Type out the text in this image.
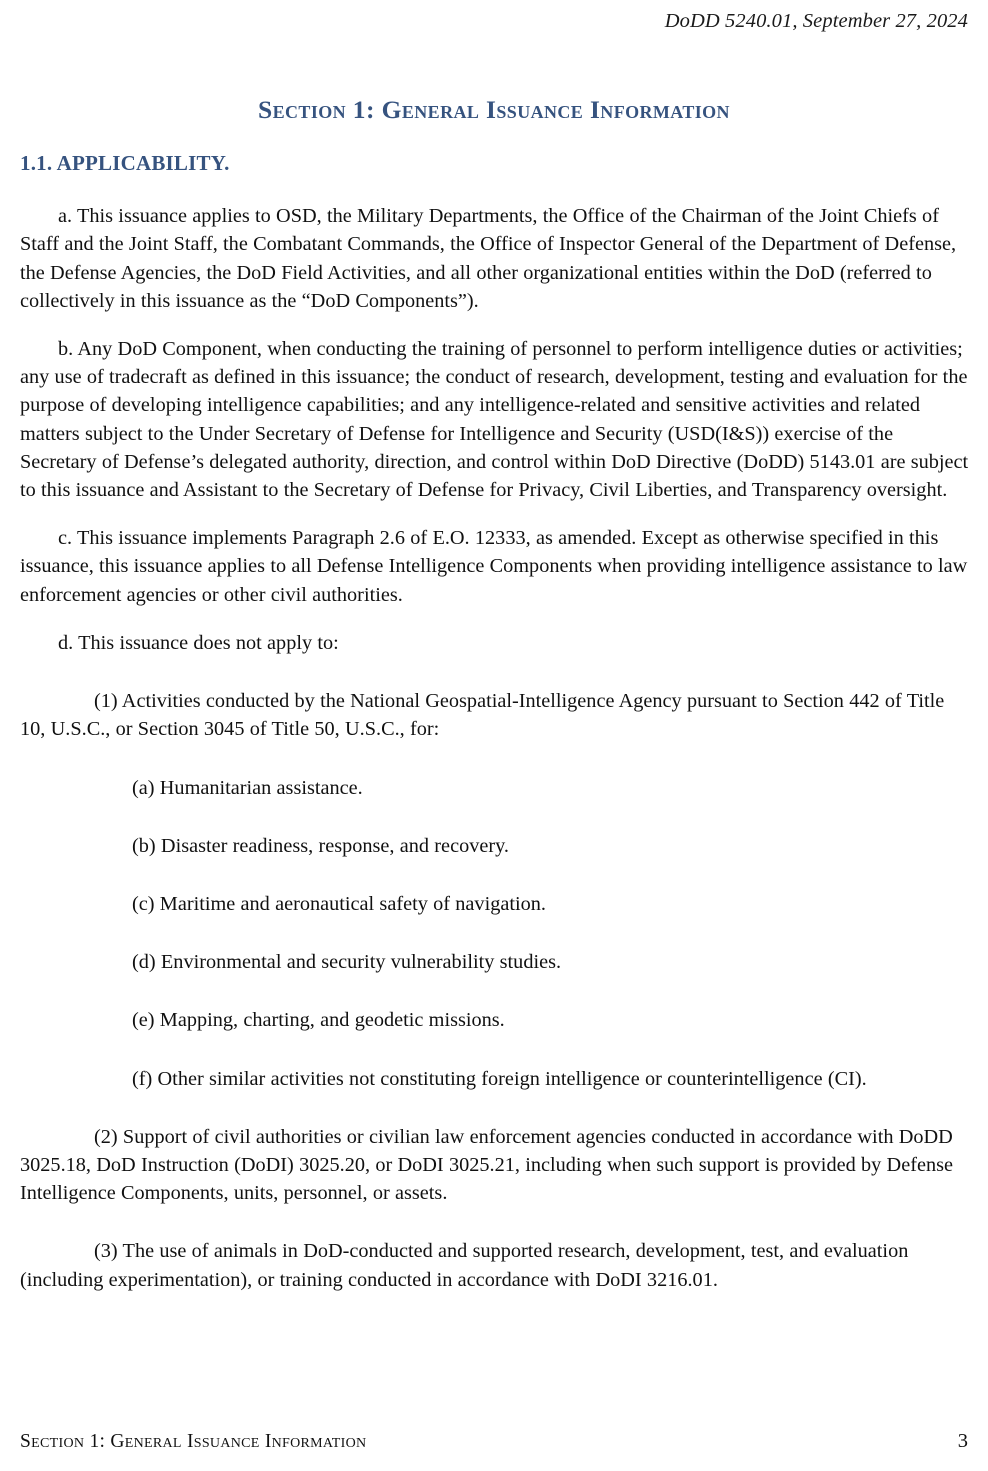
DoDD 5240.01, September 27, 2024
Section 1: General Issuance Information
1.1. APPLICABILITY.

a. This issuance applies to OSD, the Military Departments, the Office of the Chairman of the Joint Chiefs of Staff and the Joint Staff, the Combatant Commands, the Office of Inspector General of the Department of Defense, the Defense Agencies, the DoD Field Activities, and all other organizational entities within the DoD (referred to collectively in this issuance as the “DoD Components”).

b. Any DoD Component, when conducting the training of personnel to perform intelligence duties or activities; any use of tradecraft as defined in this issuance; the conduct of research, development, testing and evaluation for the purpose of developing intelligence capabilities; and any intelligence-related and sensitive activities and related matters subject to the Under Secretary of Defense for Intelligence and Security (USD(I&S)) exercise of the Secretary of Defense’s delegated authority, direction, and control within DoD Directive (DoDD) 5143.01 are subject to this issuance and Assistant to the Secretary of Defense for Privacy, Civil Liberties, and Transparency oversight.

c. This issuance implements Paragraph 2.6 of E.O. 12333, as amended. Except as otherwise specified in this issuance, this issuance applies to all Defense Intelligence Components when providing intelligence assistance to law enforcement agencies or other civil authorities.

d. This issuance does not apply to:

(1) Activities conducted by the National Geospatial-Intelligence Agency pursuant to Section 442 of Title 10, U.S.C., or Section 3045 of Title 50, U.S.C., for:

(a) Humanitarian assistance.

(b) Disaster readiness, response, and recovery.

(c) Maritime and aeronautical safety of navigation.

(d) Environmental and security vulnerability studies.

(e) Mapping, charting, and geodetic missions.

(f) Other similar activities not constituting foreign intelligence or counterintelligence (CI).

(2) Support of civil authorities or civilian law enforcement agencies conducted in accordance with DoDD 3025.18, DoD Instruction (DoDI) 3025.20, or DoDI 3025.21, including when such support is provided by Defense Intelligence Components, units, personnel, or assets.

(3) The use of animals in DoD-conducted and supported research, development, test, and evaluation (including experimentation), or training conducted in accordance with DoDI 3216.01.

Section 1: General Issuance Information	3
